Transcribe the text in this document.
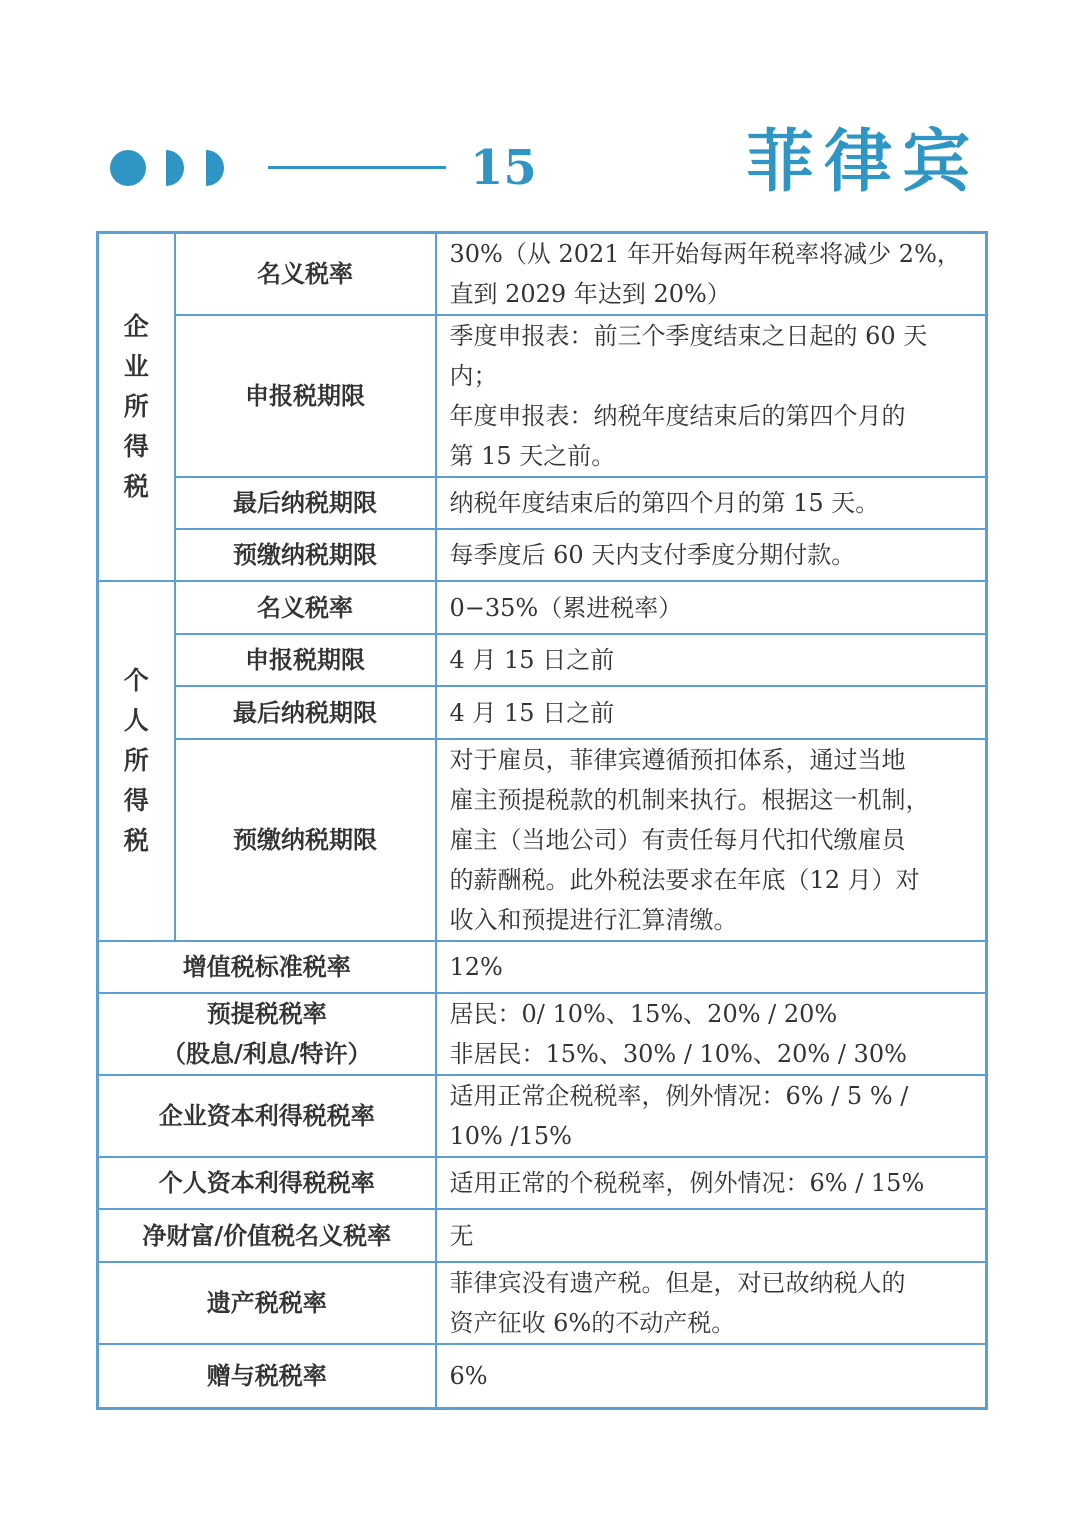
15	菲律宾
企
业
所
得
税	名义税率	30%（从 2021 年开始每两年税率将减少 2%，
直到 2029 年达到 20%）

	申报税期限	季度申报表：前三个季度结束之日起的 60 天
内；
年度申报表：纳税年度结束后的第四个月的
第 15 天之前。

	最后纳税期限	纳税年度结束后的第四个月的第 15 天。

	预缴纳税期限	每季度后 60 天内支付季度分期付款。

个
人
所
得
税	名义税率	0−35%（累进税率）

	申报税期限	4 月 15 日之前

	最后纳税期限	4 月 15 日之前

	预缴纳税期限	对于雇员，菲律宾遵循预扣体系，通过当地
雇主预提税款的机制来执行。根据这一机制，
雇主（当地公司）有责任每月代扣代缴雇员
的薪酬税。此外税法要求在年底（12 月）对
收入和预提进行汇算清缴。

增值税标准税率		12%

预提税税率
（股息/利息/特许）		居民：0/ 10%、15%、20% / 20%
非居民：15%、30% / 10%、20% / 30%

企业资本利得税税率		适用正常企税税率，例外情况：6% / 5 % /
10% /15%

个人资本利得税税率		适用正常的个税税率，例外情况：6% / 15%

净财富/价值税名义税率		无

遗产税税率		菲律宾没有遗产税。但是，对已故纳税人的
资产征收 6%的不动产税。

赠与税税率		6%
